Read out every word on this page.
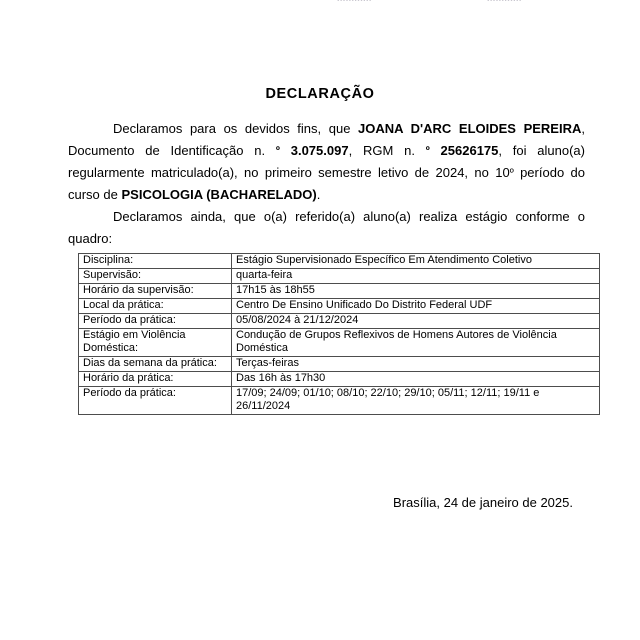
DECLARAÇÃO

Declaramos para os devidos fins, que JOANA D'ARC ELOIDES PEREIRA, Documento de Identificação n. º 3.075.097, RGM n. º 25626175, foi aluno(a) regularmente matriculado(a), no primeiro semestre letivo de 2024, no 10º período do curso de PSICOLOGIA (BACHARELADO).

Declaramos ainda, que o(a) referido(a) aluno(a) realiza estágio conforme o quadro:

Disciplina:	Estágio Supervisionado Específico Em Atendimento Coletivo
Supervisão:	quarta-feira
Horário da supervisão:	17h15 às 18h55
Local da prática:	Centro De Ensino Unificado Do Distrito Federal UDF
Período da prática:	05/08/2024 à 21/12/2024
Estágio em Violência Doméstica:	Condução de Grupos Reflexivos de Homens Autores de Violência Doméstica
Dias da semana da prática:	Terças-feiras
Horário da prática:	Das 16h às 17h30
Período da prática:	17/09; 24/09; 01/10; 08/10; 22/10; 29/10; 05/11; 12/11; 19/11 e 26/11/2024
Brasília, 24 de janeiro de 2025.
